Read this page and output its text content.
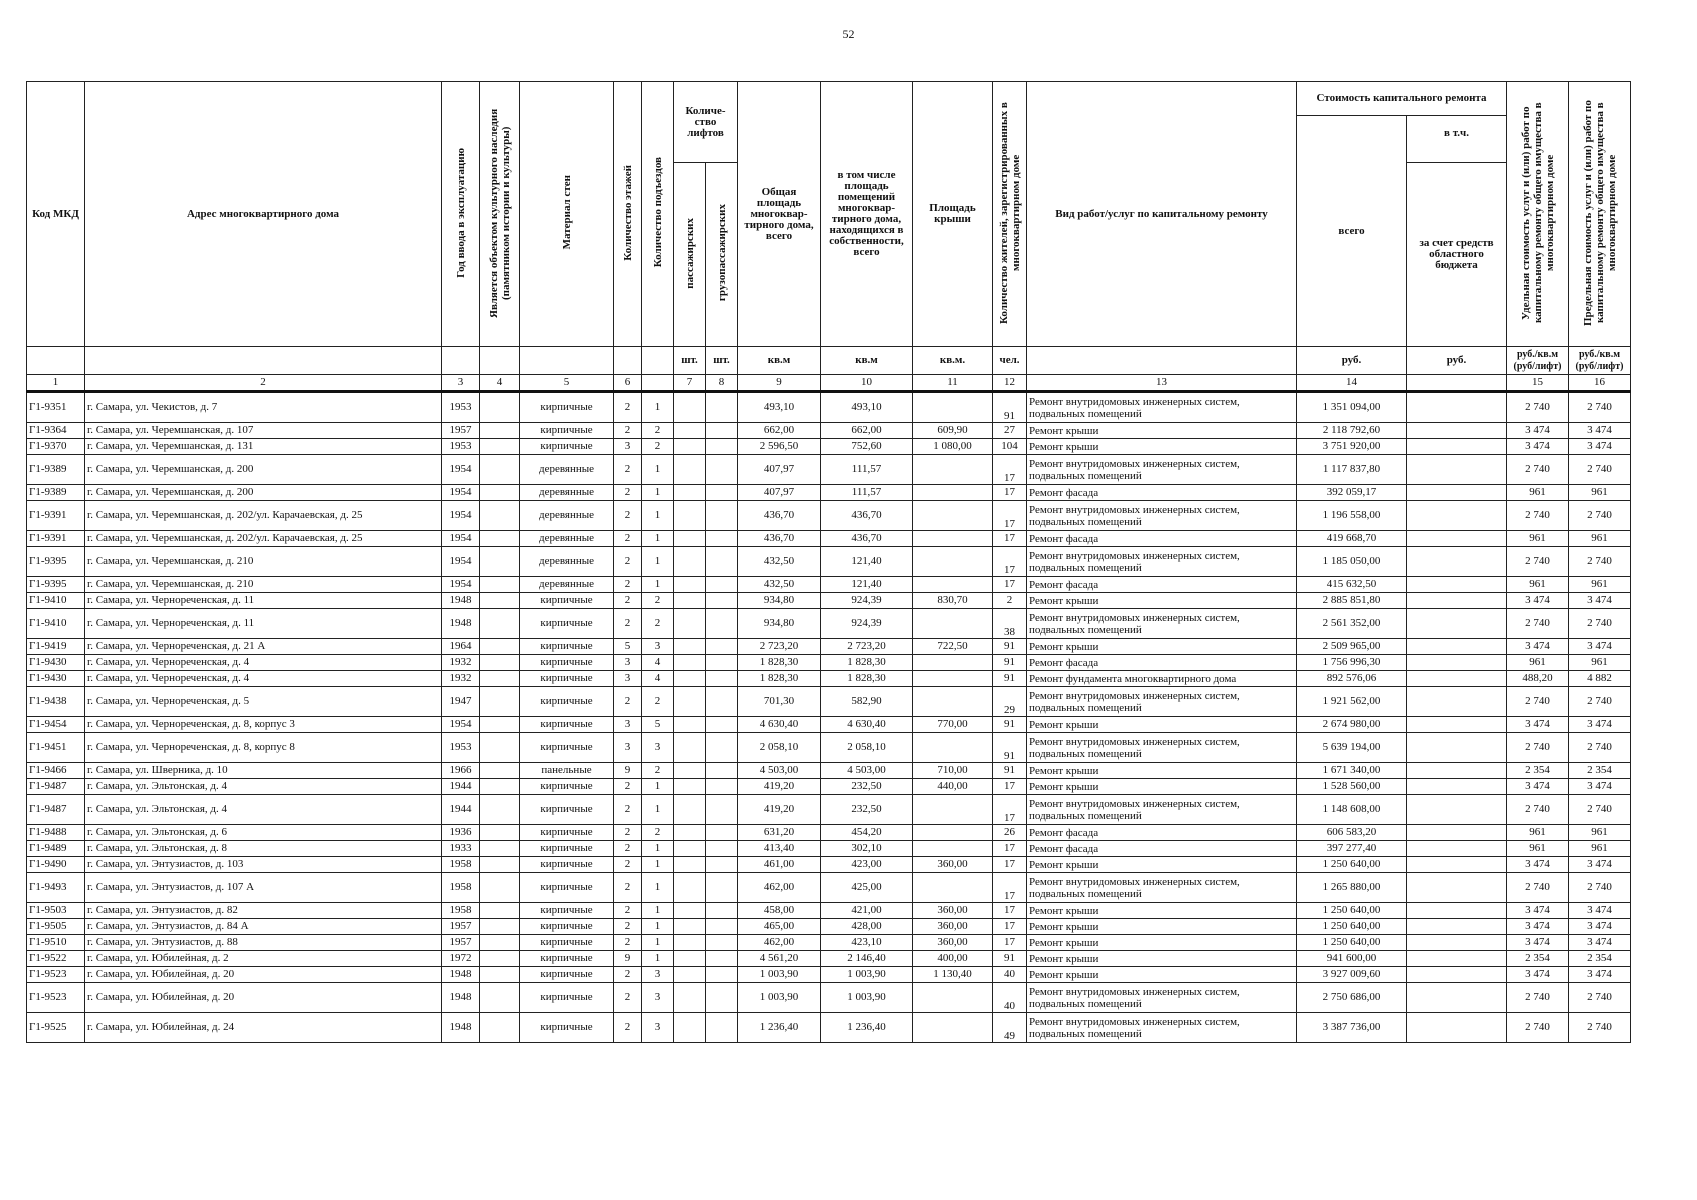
52
Код МКД	Адрес многоквартирного дома	Год ввода в эксплуатацию	Является объектом культурного наследия (памятником истории и культуры)	Материал стен	Количество этажей	Количество подъездов	Количе-ство лифтов		Общая площадь многоквар-тирного дома, всего	в том числе площадь помещений многоквар-тирного дома, находящихся в собственности, всего	Площадь крыши	Количество жителей, зарегистрированных в многоквартирном доме	Вид работ/услуг по капитальному ремонту	Стоимость капитального ремонта		Удельная стоимость услуг и (или) работ по капитальному ремонту общего имущества в многоквартирном доме	Предельная стоимость услуг и (или) работ по капитальному ремонту общего имущества в многоквартирном доме
														всего	в т.ч.		
							пассажирских	грузопассажирских							за счет средств областного бюджета		
							шт.	шт.	кв.м	кв.м	кв.м.	чел.		руб.	руб.	руб./кв.м (руб/лифт)	руб./кв.м (руб/лифт)
1	2	3	4	5	6		7	8	9	10	11	12	13	14		15	16
Г1-9351	г. Самара, ул. Чекистов, д. 7	1953		кирпичные	2	1			493,10	493,10		91	Ремонт внутридомовых инженерных систем, подвальных помещений	1 351 094,00		2 740	2 740
Г1-9364	г. Самара, ул. Черемшанская, д. 107	1957		кирпичные	2	2			662,00	662,00	609,90	27	Ремонт крыши	2 118 792,60		3 474	3 474
Г1-9370	г. Самара, ул. Черемшанская, д. 131	1953		кирпичные	3	2			2 596,50	752,60	1 080,00	104	Ремонт крыши	3 751 920,00		3 474	3 474
Г1-9389	г. Самара, ул. Черемшанская, д. 200	1954		деревянные	2	1			407,97	111,57		17	Ремонт внутридомовых инженерных систем, подвальных помещений	1 117 837,80		2 740	2 740
Г1-9389	г. Самара, ул. Черемшанская, д. 200	1954		деревянные	2	1			407,97	111,57		17	Ремонт фасада	392 059,17		961	961
Г1-9391	г. Самара, ул. Черемшанская, д. 202/ул. Карачаевская, д. 25	1954		деревянные	2	1			436,70	436,70		17	Ремонт внутридомовых инженерных систем, подвальных помещений	1 196 558,00		2 740	2 740
Г1-9391	г. Самара, ул. Черемшанская, д. 202/ул. Карачаевская, д. 25	1954		деревянные	2	1			436,70	436,70		17	Ремонт фасада	419 668,70		961	961
Г1-9395	г. Самара, ул. Черемшанская, д. 210	1954		деревянные	2	1			432,50	121,40		17	Ремонт внутридомовых инженерных систем, подвальных помещений	1 185 050,00		2 740	2 740
Г1-9395	г. Самара, ул. Черемшанская, д. 210	1954		деревянные	2	1			432,50	121,40		17	Ремонт фасада	415 632,50		961	961
Г1-9410	г. Самара, ул. Чернореченская, д. 11	1948		кирпичные	2	2			934,80	924,39	830,70	2	Ремонт крыши	2 885 851,80		3 474	3 474
Г1-9410	г. Самара, ул. Чернореченская, д. 11	1948		кирпичные	2	2			934,80	924,39		38	Ремонт внутридомовых инженерных систем, подвальных помещений	2 561 352,00		2 740	2 740
Г1-9419	г. Самара, ул. Чернореченская, д. 21 А	1964		кирпичные	5	3			2 723,20	2 723,20	722,50	91	Ремонт крыши	2 509 965,00		3 474	3 474
Г1-9430	г. Самара, ул. Чернореченская, д. 4	1932		кирпичные	3	4			1 828,30	1 828,30		91	Ремонт фасада	1 756 996,30		961	961
Г1-9430	г. Самара, ул. Чернореченская, д. 4	1932		кирпичные	3	4			1 828,30	1 828,30		91	Ремонт фундамента многоквартирного дома	892 576,06		488,20	4 882
Г1-9438	г. Самара, ул. Чернореченская, д. 5	1947		кирпичные	2	2			701,30	582,90		29	Ремонт внутридомовых инженерных систем, подвальных помещений	1 921 562,00		2 740	2 740
Г1-9454	г. Самара, ул. Чернореченская, д. 8, корпус 3	1954		кирпичные	3	5			4 630,40	4 630,40	770,00	91	Ремонт крыши	2 674 980,00		3 474	3 474
Г1-9451	г. Самара, ул. Чернореченская, д. 8, корпус 8	1953		кирпичные	3	3			2 058,10	2 058,10		91	Ремонт внутридомовых инженерных систем, подвальных помещений	5 639 194,00		2 740	2 740
Г1-9466	г. Самара, ул. Шверника, д. 10	1966		панельные	9	2			4 503,00	4 503,00	710,00	91	Ремонт крыши	1 671 340,00		2 354	2 354
Г1-9487	г. Самара, ул. Эльтонская, д. 4	1944		кирпичные	2	1			419,20	232,50	440,00	17	Ремонт крыши	1 528 560,00		3 474	3 474
Г1-9487	г. Самара, ул. Эльтонская, д. 4	1944		кирпичные	2	1			419,20	232,50		17	Ремонт внутридомовых инженерных систем, подвальных помещений	1 148 608,00		2 740	2 740
Г1-9488	г. Самара, ул. Эльтонская, д. 6	1936		кирпичные	2	2			631,20	454,20		26	Ремонт фасада	606 583,20		961	961
Г1-9489	г. Самара, ул. Эльтонская, д. 8	1933		кирпичные	2	1			413,40	302,10		17	Ремонт фасада	397 277,40		961	961
Г1-9490	г. Самара, ул. Энтузиастов, д. 103	1958		кирпичные	2	1			461,00	423,00	360,00	17	Ремонт крыши	1 250 640,00		3 474	3 474
Г1-9493	г. Самара, ул. Энтузиастов, д. 107 А	1958		кирпичные	2	1			462,00	425,00		17	Ремонт внутридомовых инженерных систем, подвальных помещений	1 265 880,00		2 740	2 740
Г1-9503	г. Самара, ул. Энтузиастов, д. 82	1958		кирпичные	2	1			458,00	421,00	360,00	17	Ремонт крыши	1 250 640,00		3 474	3 474
Г1-9505	г. Самара, ул. Энтузиастов, д. 84 А	1957		кирпичные	2	1			465,00	428,00	360,00	17	Ремонт крыши	1 250 640,00		3 474	3 474
Г1-9510	г. Самара, ул. Энтузиастов, д. 88	1957		кирпичные	2	1			462,00	423,10	360,00	17	Ремонт крыши	1 250 640,00		3 474	3 474
Г1-9522	г. Самара, ул. Юбилейная, д. 2	1972		кирпичные	9	1			4 561,20	2 146,40	400,00	91	Ремонт крыши	941 600,00		2 354	2 354
Г1-9523	г. Самара, ул. Юбилейная, д. 20	1948		кирпичные	2	3			1 003,90	1 003,90	1 130,40	40	Ремонт крыши	3 927 009,60		3 474	3 474
Г1-9523	г. Самара, ул. Юбилейная, д. 20	1948		кирпичные	2	3			1 003,90	1 003,90		40	Ремонт внутридомовых инженерных систем, подвальных помещений	2 750 686,00		2 740	2 740
Г1-9525	г. Самара, ул. Юбилейная, д. 24	1948		кирпичные	2	3			1 236,40	1 236,40		49	Ремонт внутридомовых инженерных систем, подвальных помещений	3 387 736,00		2 740	2 740
